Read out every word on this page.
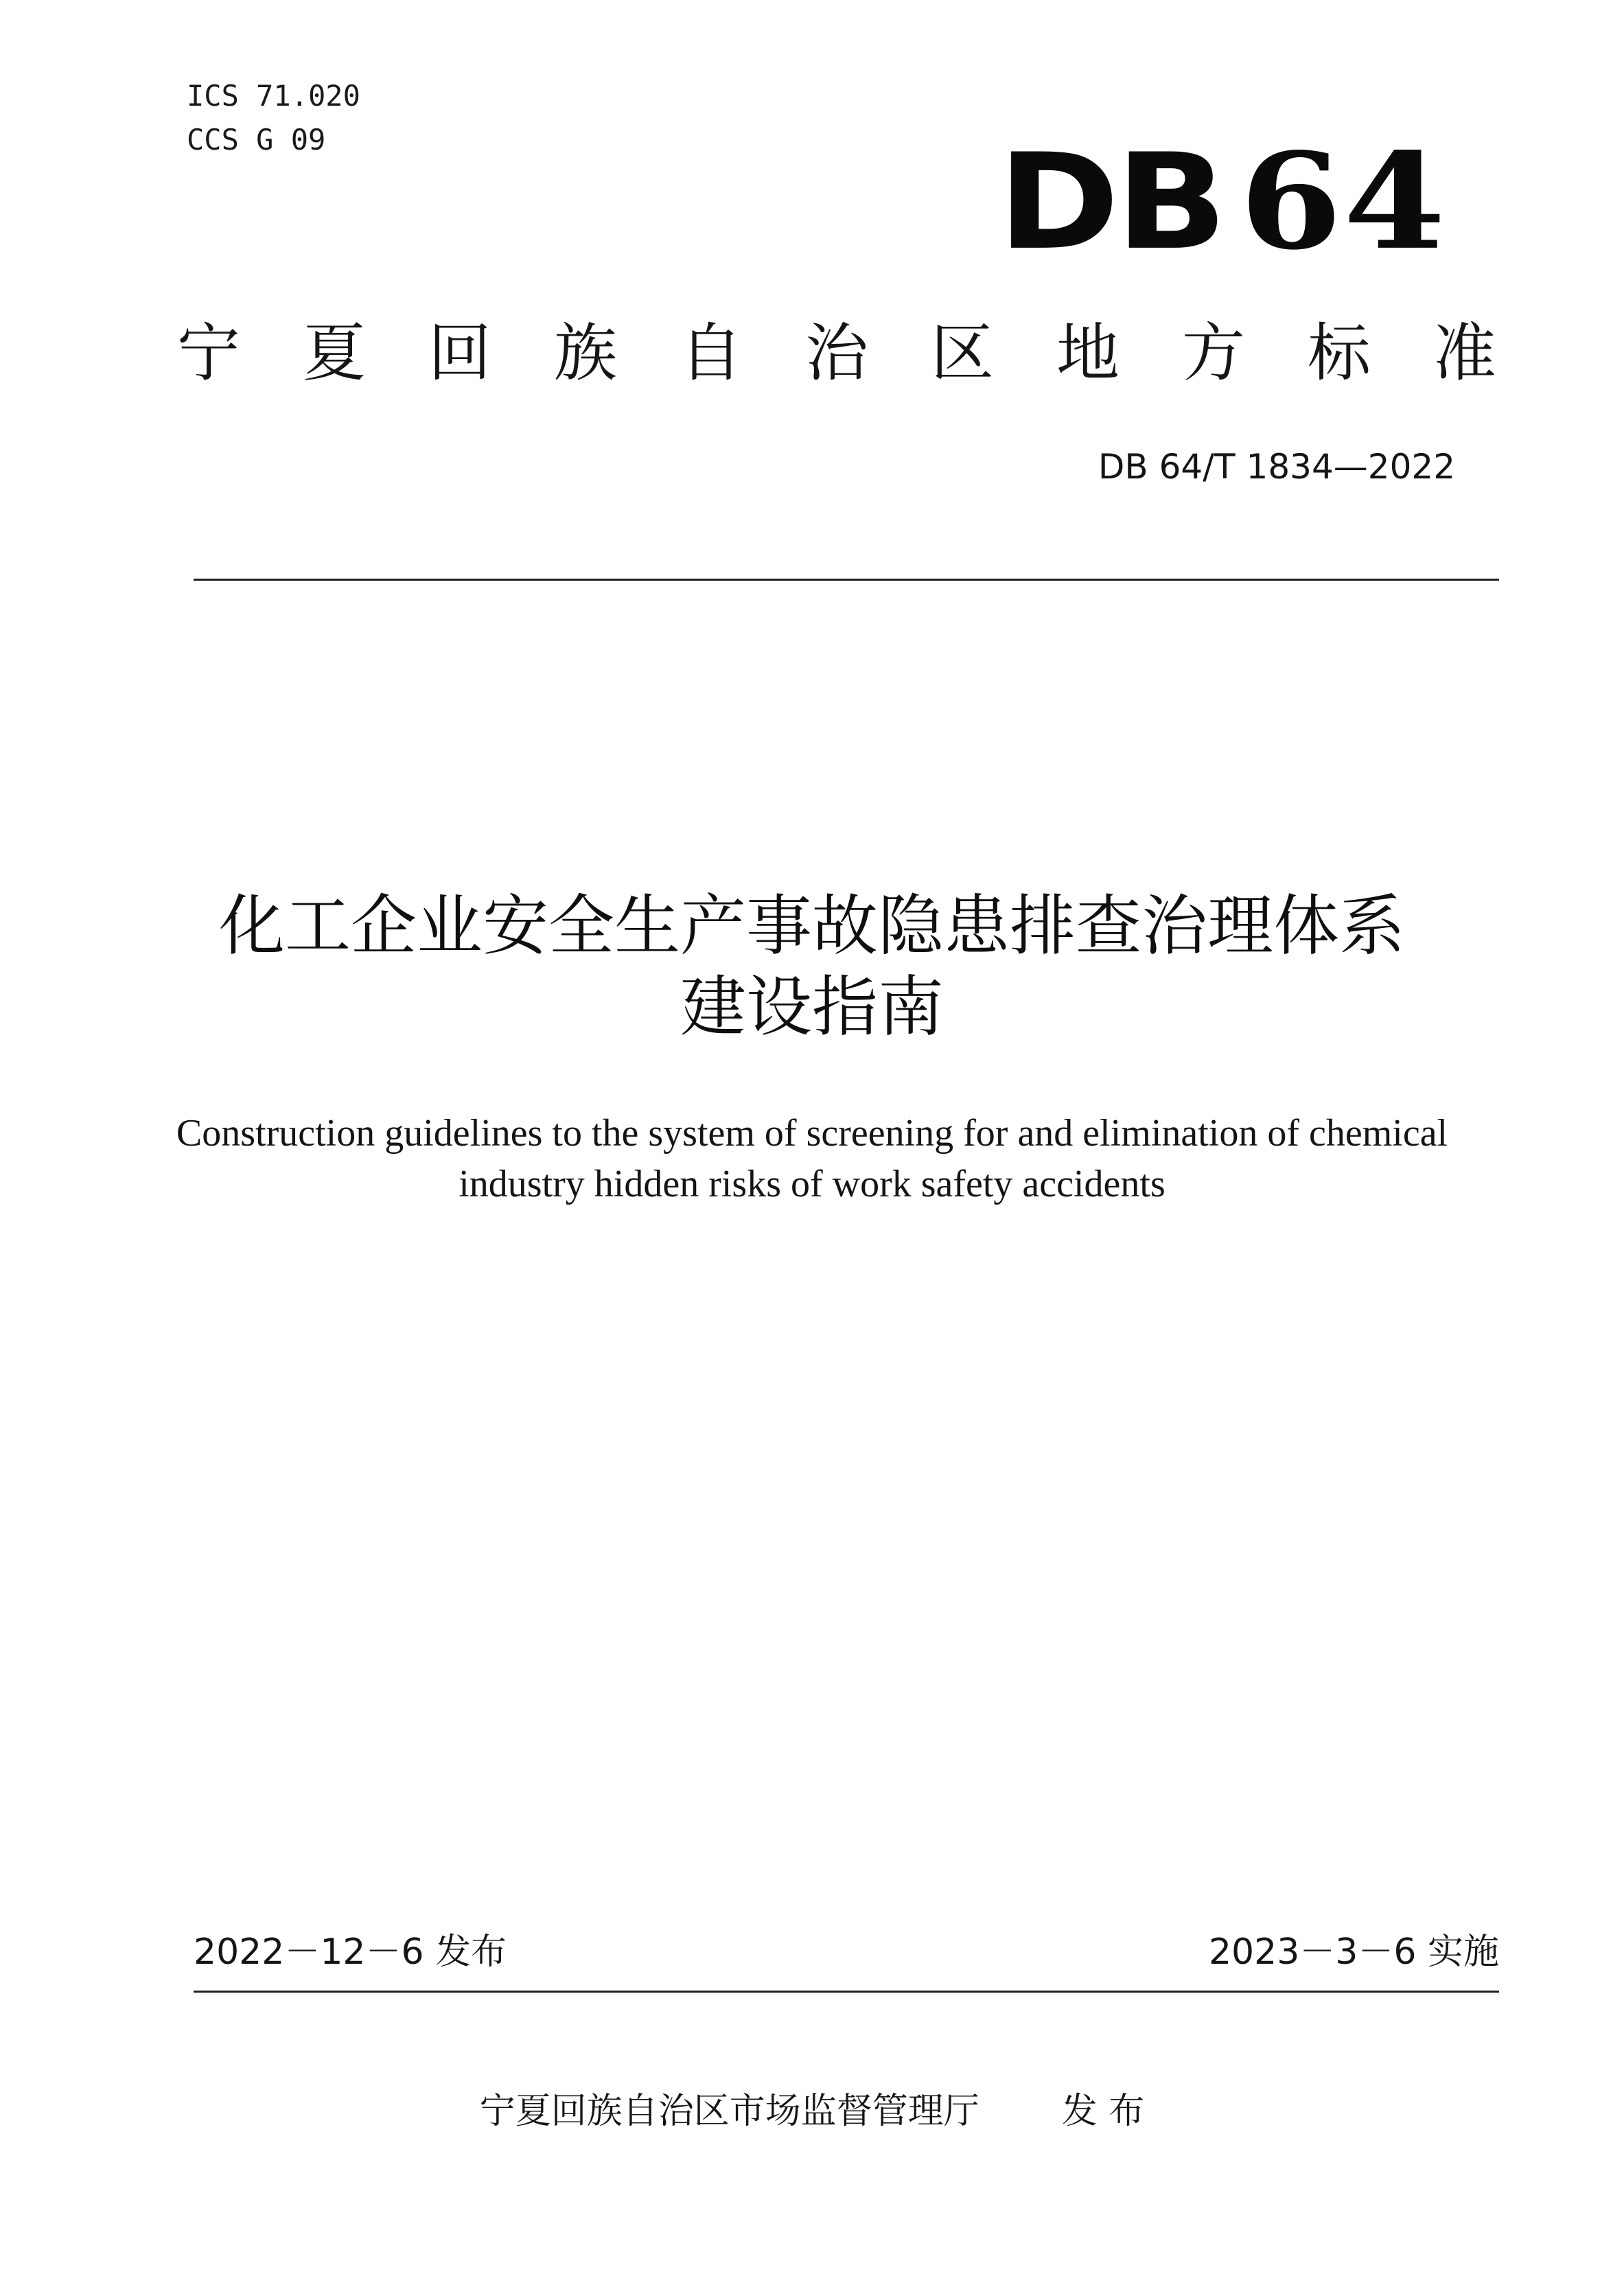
ICS 71.020
CCS G 09	DB 64
宁 夏 回 族 自 治 区 地 方 标 准
DB 64/T 1834—2022
化工企业安全生产事故隐患排查治理体系
建设指南
Construction guidelines to the system of screening for and elimination of chemical
industry hidden risks of work safety accidents
2022－12－6 发布	2023－3－6 实施
宁夏回族自治区市场监督管理厅 发 布
